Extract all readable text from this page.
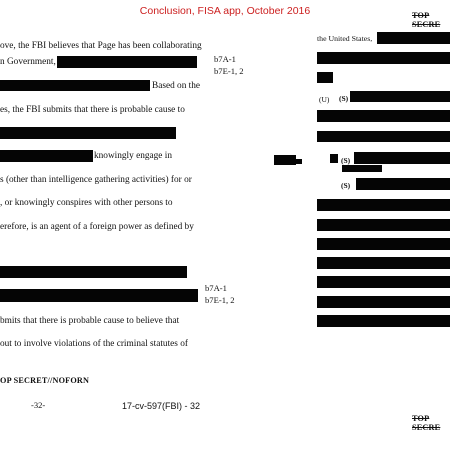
Conclusion, FISA app, October 2016
ove, the FBI believes that Page has been collaborating
n Government,
Based on the
es, the FBI submits that there is probable cause to
knowingly engage in
s (other than intelligence gathering activities) for or
, or knowingly conspires with other persons to
erefore, is an agent of a foreign power as defined by
bmits that there is probable cause to believe that
out to involve violations of the criminal statutes of
b7A-1
b7E-1, 2
b7A-1
b7E-1, 2
OP SECRET//NOFORN
-32-	17-cv-597(FBI) - 32
TOP SECRE
the United States,
(U) (S)
(S)
(S)
TOP SECRE
